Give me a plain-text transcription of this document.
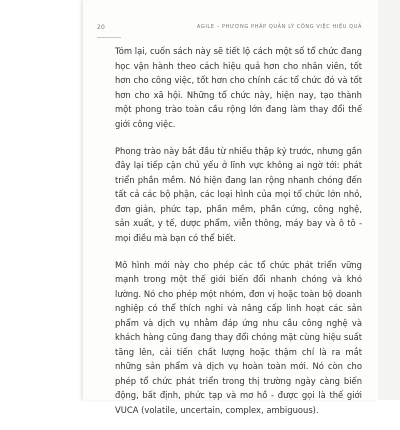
20	AGILE – PHƯƠNG PHÁP QUẢN LÝ CÔNG VIỆC HIỆU QUẢ

Tóm lại, cuốn sách này sẽ tiết lộ cách một số tổ chức đang học vận hành theo cách hiệu quả hơn cho nhân viên, tốt hơn cho công việc, tốt hơn cho chính các tổ chức đó và tốt hơn cho xã hội. Những tổ chức này, hiện nay, tạo thành một phong trào toàn cầu rộng lớn đang làm thay đổi thế giới công việc.

Phong trào này bắt đầu từ nhiều thập kỷ trước, nhưng gần đây lại tiếp cận chủ yếu ở lĩnh vực không ai ngờ tới: phát triển phần mềm. Nó hiện đang lan rộng nhanh chóng đến tất cả các bộ phận, các loại hình của mọi tổ chức lớn nhỏ, đơn giản, phức tạp, phần mềm, phần cứng, công nghệ, sản xuất, y tế, dược phẩm, viễn thông, máy bay và ô tô - mọi điều mà bạn có thể biết.

Mô hình mới này cho phép các tổ chức phát triển vững mạnh trong một thế giới biến đổi nhanh chóng và khó lường. Nó cho phép một nhóm, đơn vị hoặc toàn bộ doanh nghiệp có thể thích nghi và nâng cấp linh hoạt các sản phẩm và dịch vụ nhằm đáp ứng nhu cầu công nghệ và khách hàng cũng đang thay đổi chóng mặt cùng hiệu suất tăng lên, cải tiến chất lượng hoặc thậm chí là ra mắt những sản phẩm và dịch vụ hoàn toàn mới. Nó còn cho phép tổ chức phát triển trong thị trường ngày càng biến động, bất định, phức tạp và mơ hồ - được gọi là thế giới VUCA (volatile, uncertain, complex, ambiguous).
